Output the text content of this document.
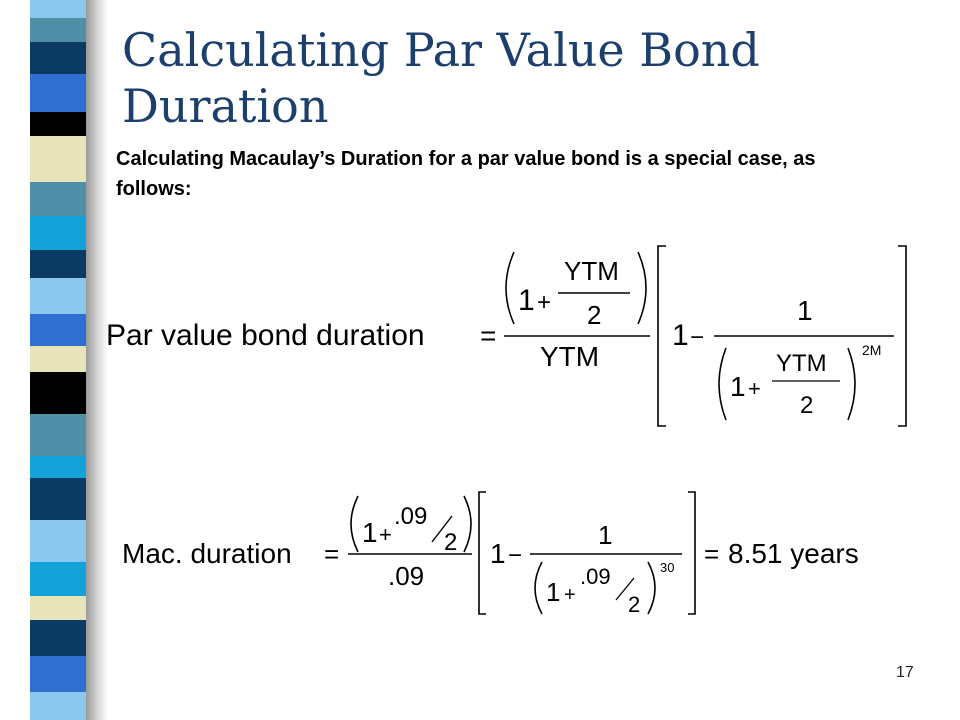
Calculating Par Value Bond Duration
Calculating Macaulay’s Duration for a par value bond is a special case, as follows:
Par value bond duration =
1 +
YTM
2
YTM
1 −
1
1 +
YTM
2
2M
Mac. duration =
1 +
.09
2
.09
1 −
1
1 +
.09
2
30 = 8.51 years
17
